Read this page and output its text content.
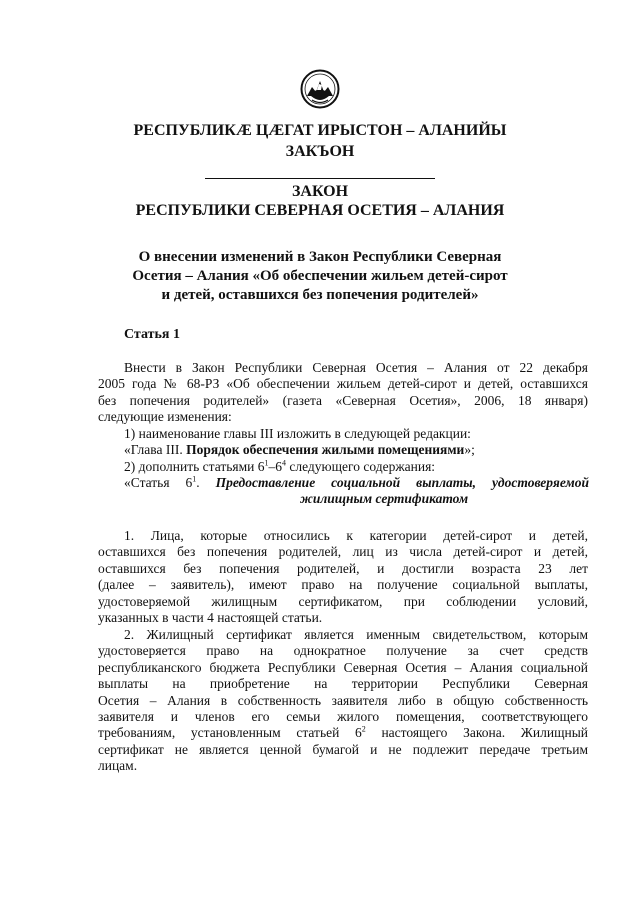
РЕСПУБЛИКӔ ЦӔГАТ ИРЫСТОН – АЛАНИЙЫ
ЗАКЪОН
ЗАКОН
РЕСПУБЛИКИ СЕВЕРНАЯ ОСЕТИЯ – АЛАНИЯ
О внесении изменений в Закон Республики Северная
Осетия – Алания «Об обеспечении жильем детей-сирот
и детей, оставшихся без попечения родителей»
Статья 1
Внести в Закон Республики Северная Осетия – Алания от 22 декабря
2005 года № 68-РЗ «Об обеспечении жильем детей-сирот и детей, оставшихся
без попечения родителей» (газета «Северная Осетия», 2006, 18 января)
следующие изменения:
1) наименование главы III изложить в следующей редакции:
«Глава III. Порядок обеспечения жилыми помещениями»;
2) дополнить статьями $6^1-6^4$ следующего содержания:
«Статья $6^1$. Предоставление социальной выплаты, удостоверяемой
жилищным сертификатом
1. Лица, которые относились к категории детей-сирот и детей,
оставшихся без попечения родителей, лиц из числа детей-сирот и детей,
оставшихся без попечения родителей, и достигли возраста 23 лет
(далее – заявитель), имеют право на получение социальной выплаты,
удостоверяемой жилищным сертификатом, при соблюдении условий,
указанных в части 4 настоящей статьи.
2. Жилищный сертификат является именным свидетельством, которым
удостоверяется право на однократное получение за счет средств
республиканского бюджета Республики Северная Осетия – Алания социальной
выплаты на приобретение на территории Республики Северная
Осетия – Алания в собственность заявителя либо в общую собственность
заявителя и членов его семьи жилого помещения, соответствующего
требованиям, установленным статьей $6^2$ настоящего Закона. Жилищный
сертификат не является ценной бумагой и не подлежит передаче третьим
лицам.
